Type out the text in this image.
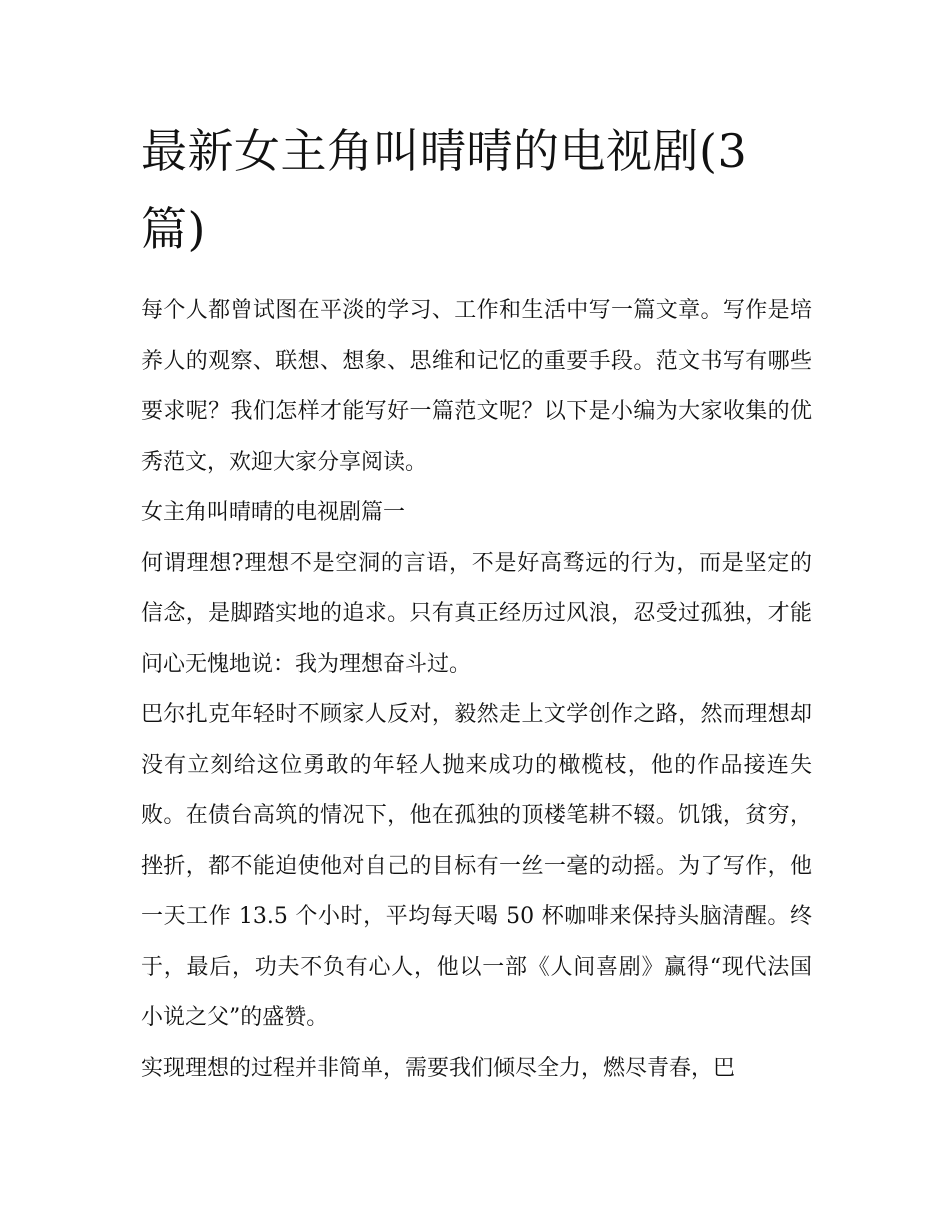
最新女主角叫晴晴的电视剧(3篇)

每个人都曾试图在平淡的学习、工作和生活中写一篇文章。写作是培养人的观察、联想、想象、思维和记忆的重要手段。范文书写有哪些要求呢？我们怎样才能写好一篇范文呢？以下是小编为大家收集的优秀范文，欢迎大家分享阅读。

女主角叫晴晴的电视剧篇一

何谓理想?理想不是空洞的言语，不是好高骛远的行为，而是坚定的信念，是脚踏实地的追求。只有真正经历过风浪，忍受过孤独，才能问心无愧地说：我为理想奋斗过。

巴尔扎克年轻时不顾家人反对，毅然走上文学创作之路，然而理想却没有立刻给这位勇敢的年轻人抛来成功的橄榄枝，他的作品接连失败。在债台高筑的情况下，他在孤独的顶楼笔耕不辍。饥饿，贫穷，挫折，都不能迫使他对自己的目标有一丝一毫的动摇。为了写作，他一天工作 13.5 个小时，平均每天喝 50 杯咖啡来保持头脑清醒。终于，最后，功夫不负有心人，他以一部《人间喜剧》赢得“现代法国小说之父”的盛赞。

实现理想的过程并非简单，需要我们倾尽全力，燃尽青春，巴
